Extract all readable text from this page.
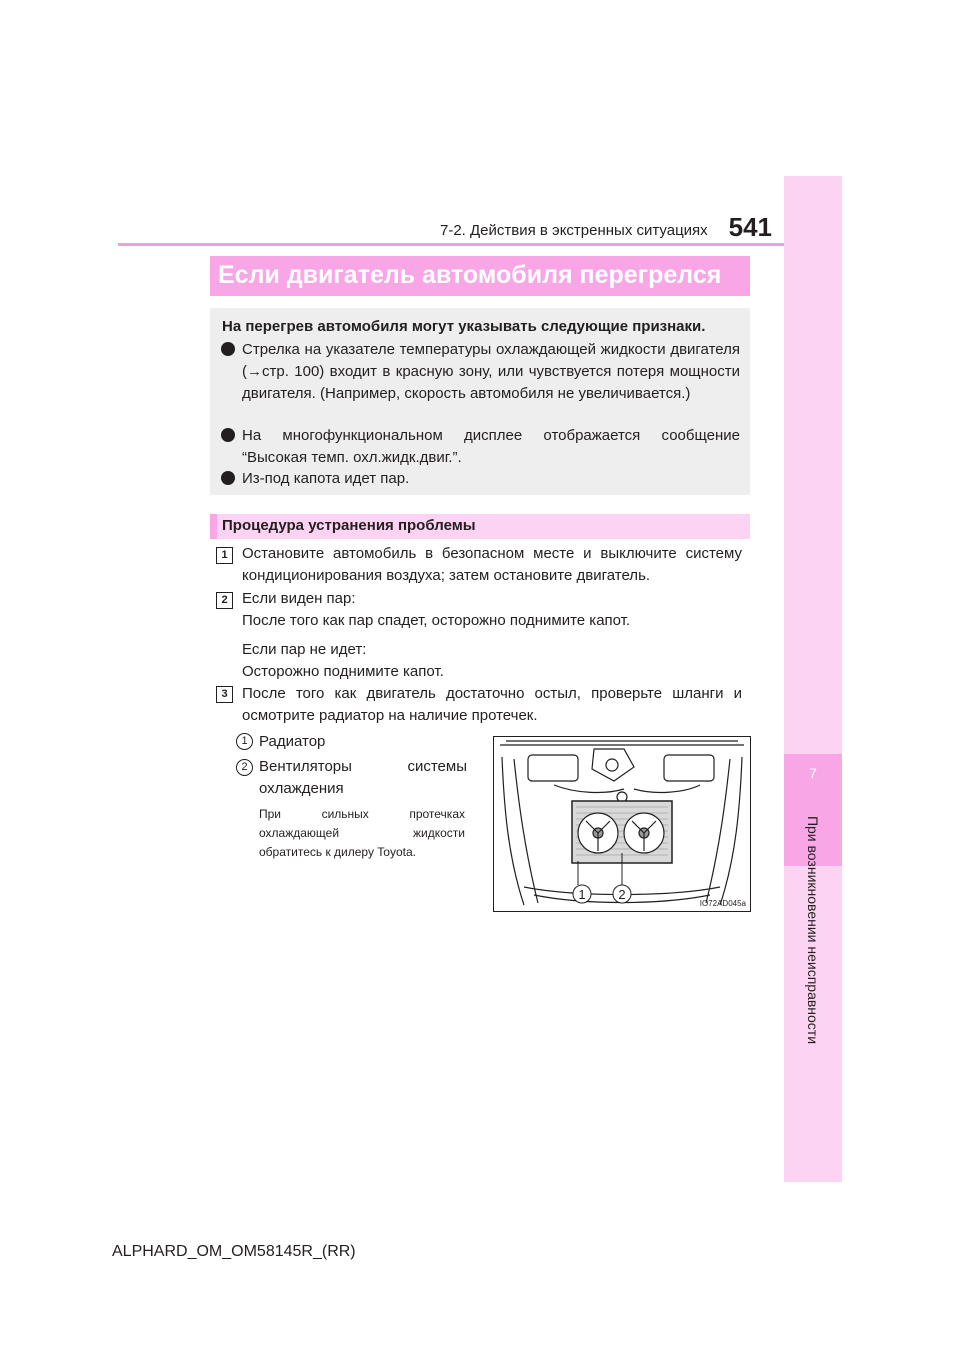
7-2. Действия в экстренных ситуациях 541
7
При возникновении неисправности
Если двигатель автомобиля перегрелся
На перегрев автомобиля могут указывать следующие признаки.

Стрелка на указателе температуры охлаждающей жидкости двигателя (→стр. 100) входит в красную зону, или чувствуется потеря мощности двигателя. (Например, скорость автомобиля не увеличивается.)

На многофункциональном дисплее отображается сообщение “Высокая темп. охл.жидк.двиг.”.

Из-под капота идет пар.

Процедура устранения проблемы
1 Остановите автомобиль в безопасном месте и выключите систему кондиционирования воздуха; затем остановите двигатель.

2 Если виден пар:
После того как пар спадет, осторожно поднимите капот.
Если пар не идет:
Осторожно поднимите капот.
3 После того как двигатель достаточно остыл, проверьте шланги и осмотрите радиатор на наличие протечек.

1 Радиатор
2 Вентиляторы	системы
охлаждения
При	сильных	протечках
охлаждающей	жидкости
обратитесь к дилеру Toyota.
1	2
IO72AD045a
ALPHARD_OM_OM58145R_(RR)
